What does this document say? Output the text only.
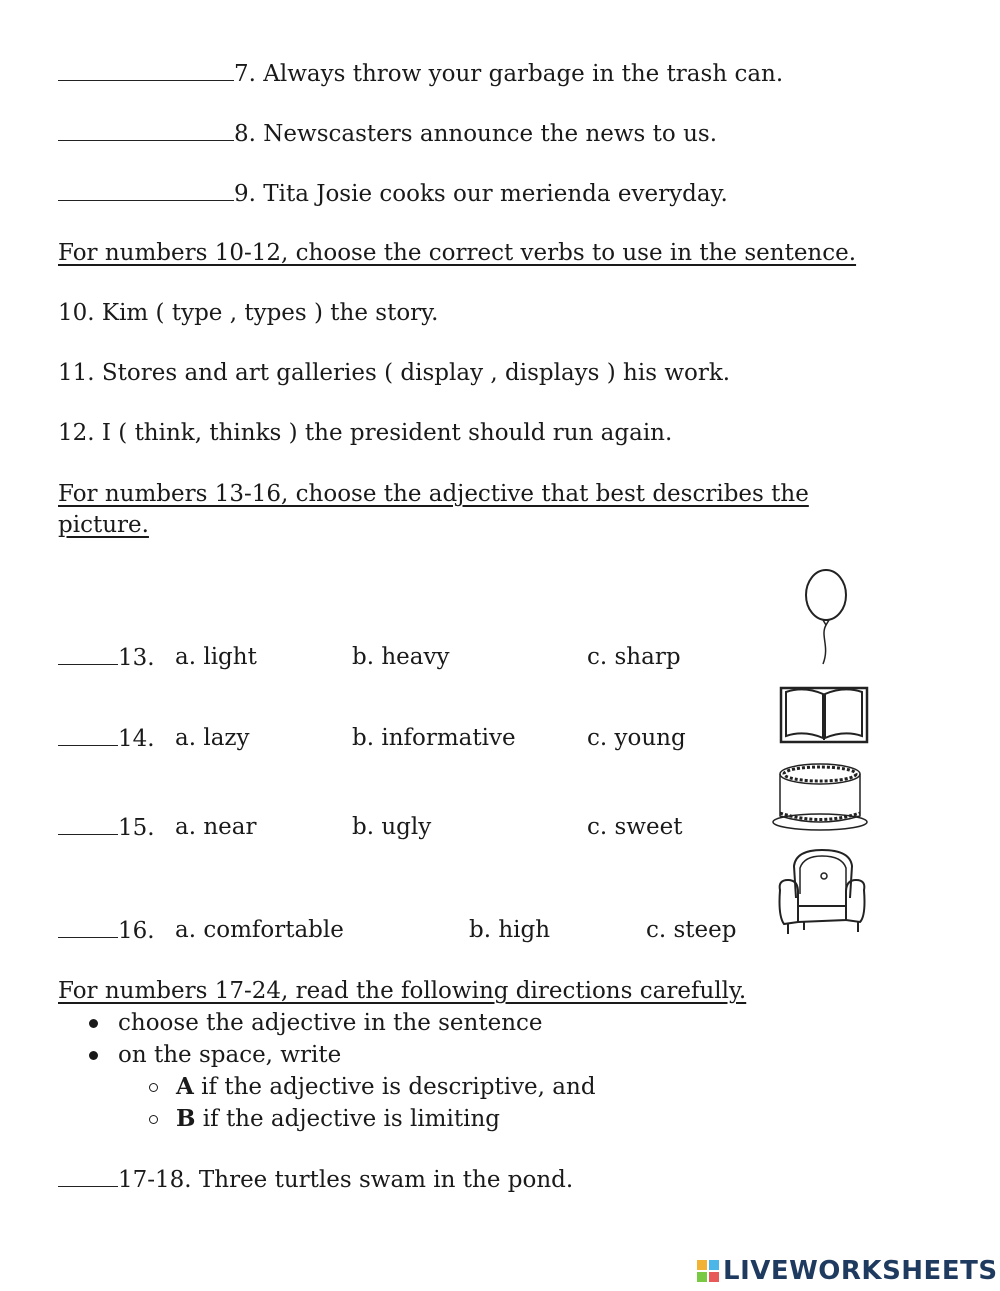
7. Always throw your garbage in the trash can.
8. Newscasters announce the news to us.
9. Tita Josie cooks our merienda everyday.
For numbers 10-12, choose the correct verbs to use in the sentence.
10. Kim ( type , types ) the story.
11. Stores and art galleries ( display , displays ) his work.
12. I ( think, thinks ) the president should run again.
For numbers 13-16, choose the adjective that best describes the
picture.
13. a. light	b. heavy	c. sharp
14. a. lazy	b. informative	c. young
15. a. near	b. ugly	c. sweet
16. a. comfortable	b. high	c. steep
For numbers 17-24, read the following directions carefully.
choose the adjective in the sentence
on the space, write
A if the adjective is descriptive, and
B if the adjective is limiting
17-18. Three turtles swam in the pond.
LIVEWORKSHEETS
